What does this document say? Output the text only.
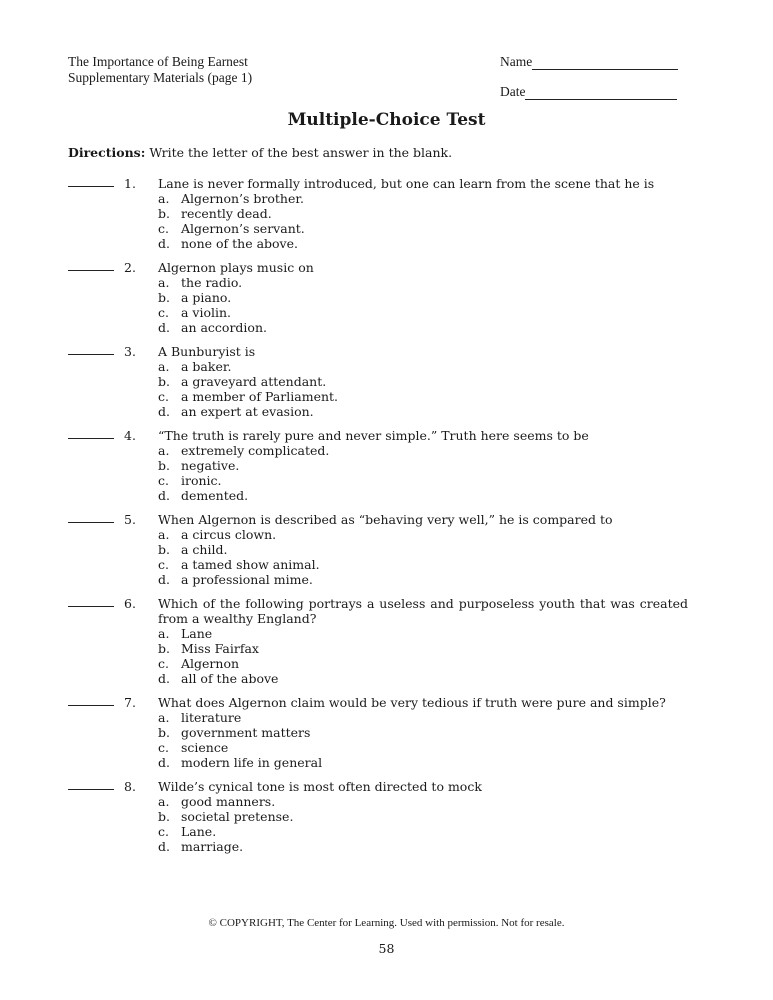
The Importance of Being Earnest
Supplementary Materials (page 1)
Name
Date
Multiple-Choice Test
Directions: Write the letter of the best answer in the blank.
1.	Lane is never formally introduced, but one can learn from the scene that he is
a. Algernon’s brother.
b. recently dead.
c. Algernon’s servant.
d. none of the above.
2.	Algernon plays music on
a. the radio.
b. a piano.
c. a violin.
d. an accordion.
3.	A Bunburyist is
a. a baker.
b. a graveyard attendant.
c. a member of Parliament.
d. an expert at evasion.
4.	“The truth is rarely pure and never simple.” Truth here seems to be
a. extremely complicated.
b. negative.
c. ironic.
d. demented.
5.	When Algernon is described as “behaving very well,” he is compared to
a. a circus clown.
b. a child.
c. a tamed show animal.
d. a professional mime.
6.	Which of the following portrays a useless and purposeless youth that was created from a wealthy England?
a. Lane
b. Miss Fairfax
c. Algernon
d. all of the above
7.	What does Algernon claim would be very tedious if truth were pure and simple?
a. literature
b. government matters
c. science
d. modern life in general
8.	Wilde’s cynical tone is most often directed to mock
a. good manners.
b. societal pretense.
c. Lane.
d. marriage.
© COPYRIGHT, The Center for Learning. Used with permission. Not for resale.
58
